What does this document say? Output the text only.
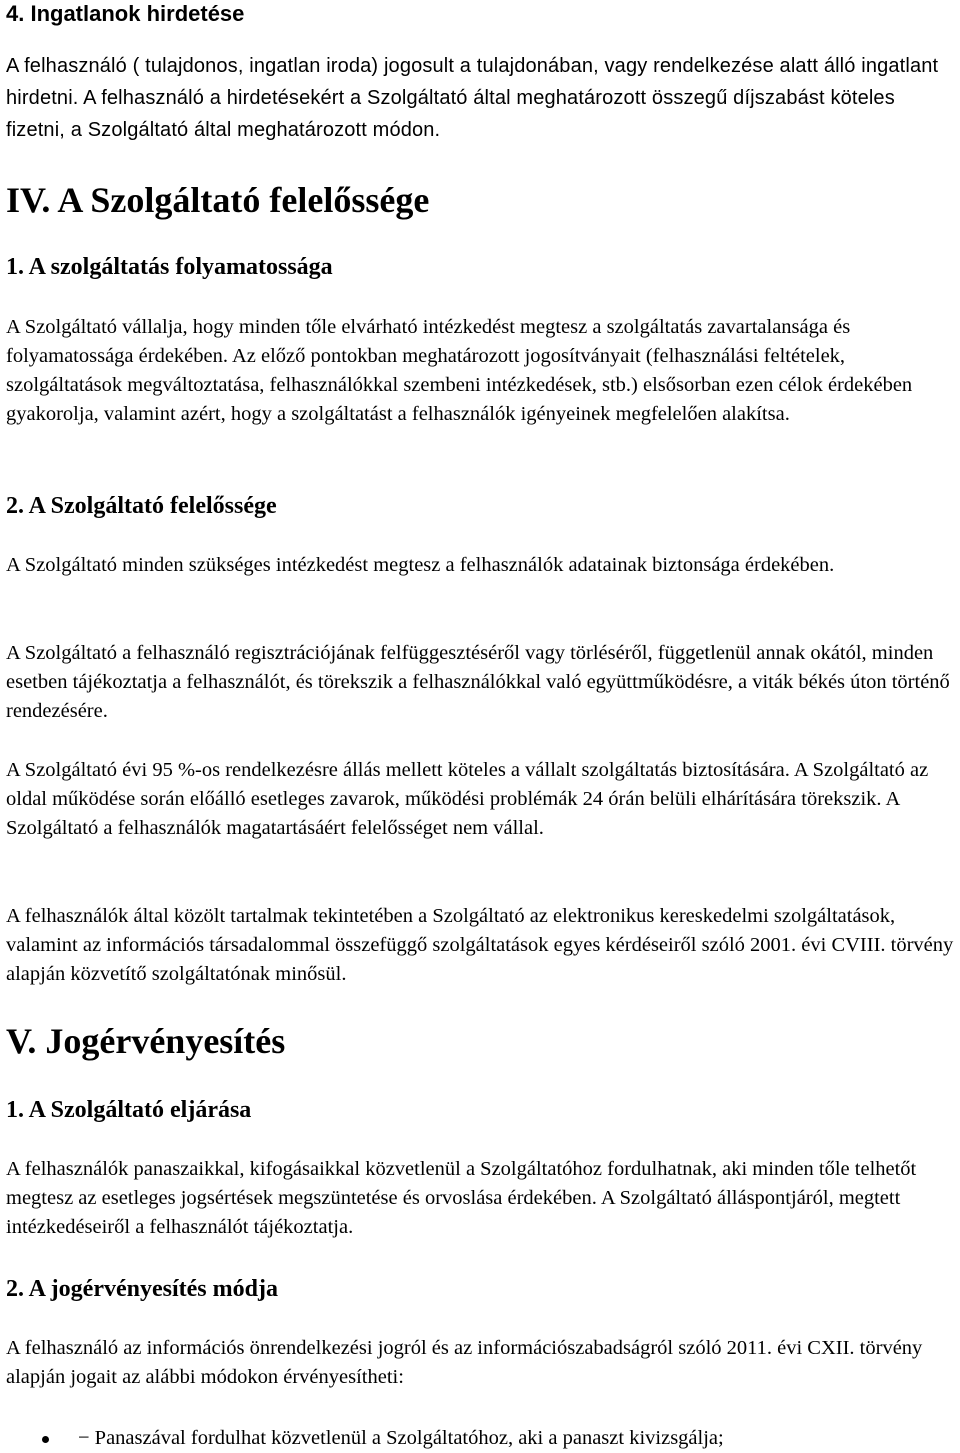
4. Ingatlanok hirdetése

A felhasználó ( tulajdonos, ingatlan iroda) jogosult a tulajdonában, vagy rendelkezése alatt álló ingatlant hirdetni. A felhasználó a hirdetésekért a Szolgáltató által meghatározott összegű díjszabást köteles fizetni, a Szolgáltató által meghatározott módon.

IV. A Szolgáltató felelőssége
1. A szolgáltatás folyamatossága

A Szolgáltató vállalja, hogy minden tőle elvárható intézkedést megtesz a szolgáltatás zavartalansága és folyamatossága érdekében. Az előző pontokban meghatározott jogosítványait (felhasználási feltételek, szolgáltatások megváltoztatása, felhasználókkal szembeni intézkedések, stb.) elsősorban ezen célok érdekében gyakorolja, valamint azért, hogy a szolgáltatást a felhasználók igényeinek megfelelően alakítsa.

2. A Szolgáltató felelőssége

A Szolgáltató minden szükséges intézkedést megtesz a felhasználók adatainak biztonsága érdekében.

A Szolgáltató a felhasználó regisztrációjának felfüggesztéséről vagy törléséről, függetlenül annak okától, minden esetben tájékoztatja a felhasználót, és törekszik a felhasználókkal való együttműködésre, a viták békés úton történő rendezésére.

A Szolgáltató évi 95 %-os rendelkezésre állás mellett köteles a vállalt szolgáltatás biztosítására. A Szolgáltató az oldal működése során előálló esetleges zavarok, működési problémák 24 órán belüli elhárítására törekszik. A Szolgáltató a felhasználók magatartásáért felelősséget nem vállal.

A felhasználók által közölt tartalmak tekintetében a Szolgáltató az elektronikus kereskedelmi szolgáltatások, valamint az információs társadalommal összefüggő szolgáltatások egyes kérdéseiről szóló 2001. évi CVIII. törvény alapján közvetítő szolgáltatónak minősül.

V. Jogérvényesítés
1. A Szolgáltató eljárása

A felhasználók panaszaikkal, kifogásaikkal közvetlenül a Szolgáltatóhoz fordulhatnak, aki minden tőle telhetőt megtesz az esetleges jogsértések megszüntetése és orvoslása érdekében. A Szolgáltató álláspontjáról, megtett intézkedéseiről a felhasználót tájékoztatja.

2. A jogérvényesítés módja

A felhasználó az információs önrendelkezési jogról és az információszabadságról szóló 2011. évi CXII. törvény alapján jogait az alábbi módokon érvényesítheti:

− Panaszával fordulhat közvetlenül a Szolgáltatóhoz, aki a panaszt kivizsgálja;
